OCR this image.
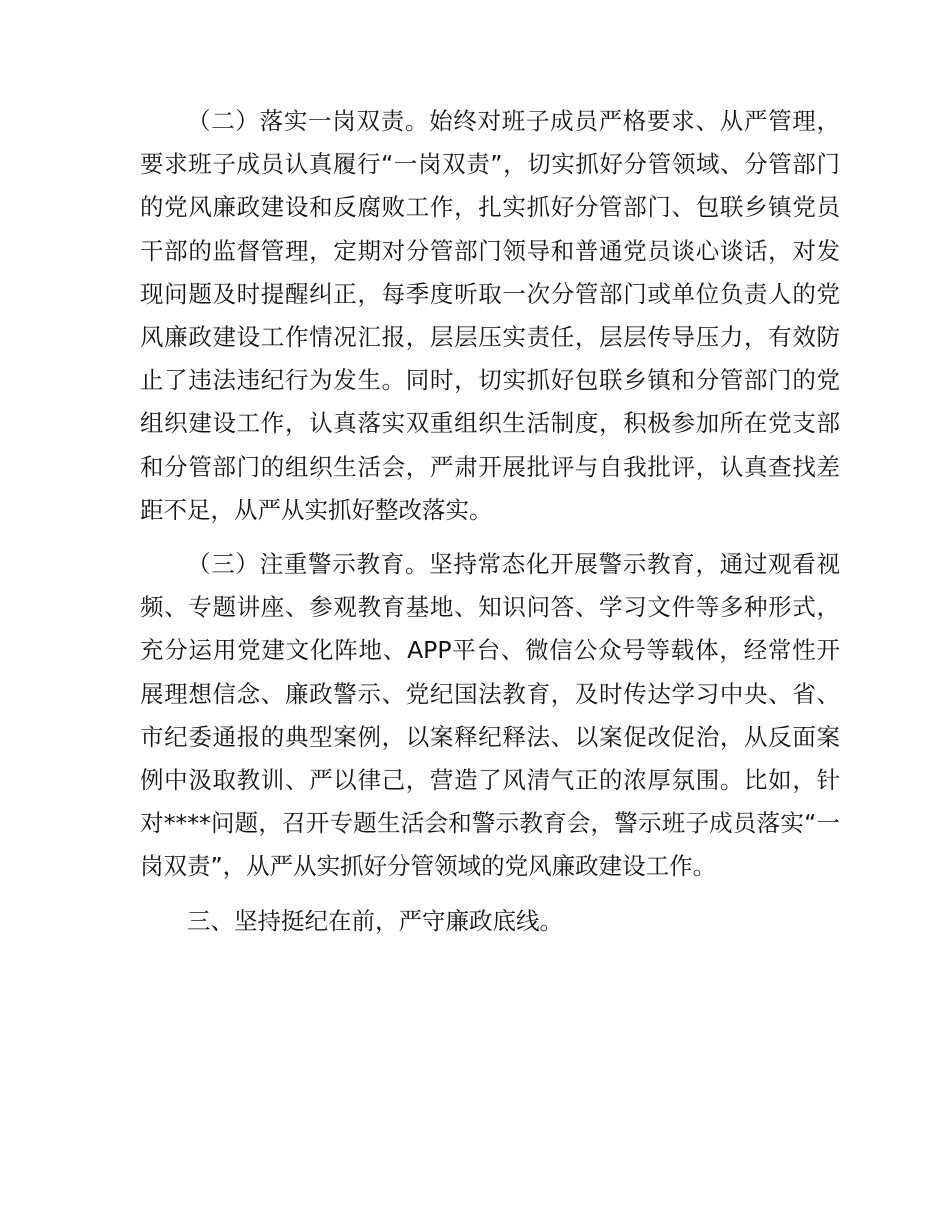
（二）落实一岗双责。始终对班子成员严格要求、从严管理，要求班子成员认真履行“一岗双责”，切实抓好分管领域、分管部门的党风廉政建设和反腐败工作，扎实抓好分管部门、包联乡镇党员干部的监督管理，定期对分管部门领导和普通党员谈心谈话，对发现问题及时提醒纠正，每季度听取一次分管部门或单位负责人的党风廉政建设工作情况汇报，层层压实责任，层层传导压力，有效防止了违法违纪行为发生。同时，切实抓好包联乡镇和分管部门的党组织建设工作，认真落实双重组织生活制度，积极参加所在党支部和分管部门的组织生活会，严肃开展批评与自我批评，认真查找差距不足，从严从实抓好整改落实。

（三）注重警示教育。坚持常态化开展警示教育，通过观看视频、专题讲座、参观教育基地、知识问答、学习文件等多种形式，充分运用党建文化阵地、APP平台、微信公众号等载体，经常性开展理想信念、廉政警示、党纪国法教育，及时传达学习中央、省、市纪委通报的典型案例，以案释纪释法、以案促改促治，从反面案例中汲取教训、严以律己，营造了风清气正的浓厚氛围。比如，针对****问题，召开专题生活会和警示教育会，警示班子成员落实“一岗双责”，从严从实抓好分管领域的党风廉政建设工作。

三、坚持挺纪在前，严守廉政底线。
